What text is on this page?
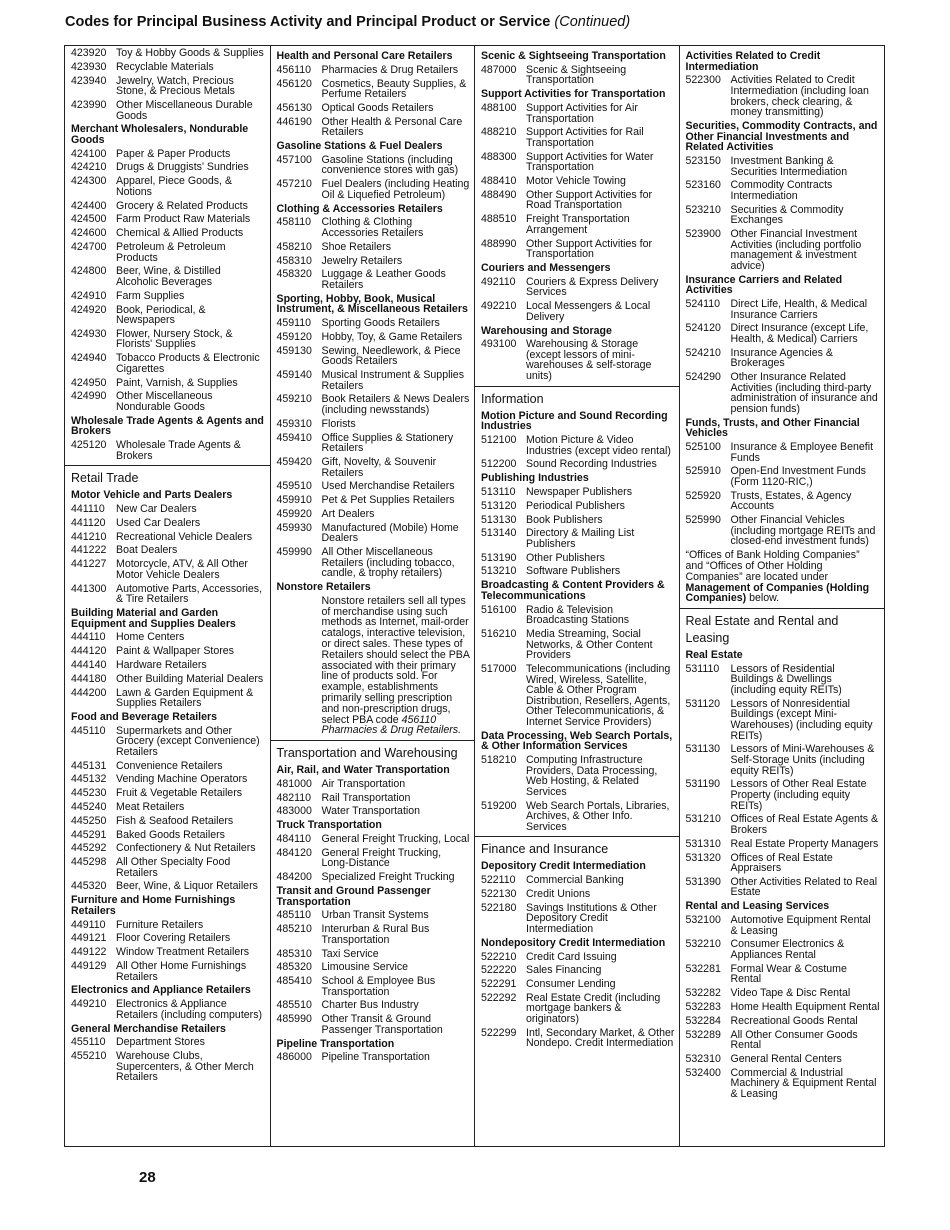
Codes for Principal Business Activity and Principal Product or Service (Continued)
423920 Toy & Hobby Goods & Supplies
423930 Recyclable Materials
423940 Jewelry, Watch, Precious Stone, & Precious Metals
423990 Other Miscellaneous Durable Goods
Merchant Wholesalers, Nondurable Goods
424100 Paper & Paper Products
424210 Drugs & Druggists' Sundries
424300 Apparel, Piece Goods, & Notions
424400 Grocery & Related Products
424500 Farm Product Raw Materials
424600 Chemical & Allied Products
424700 Petroleum & Petroleum Products
424800 Beer, Wine, & Distilled Alcoholic Beverages
424910 Farm Supplies
424920 Book, Periodical, & Newspapers
424930 Flower, Nursery Stock, & Florists' Supplies
424940 Tobacco Products & Electronic Cigarettes
424950 Paint, Varnish, & Supplies
424990 Other Miscellaneous Nondurable Goods
Wholesale Trade Agents & Agents and Brokers
425120 Wholesale Trade Agents & Brokers
Retail Trade
Motor Vehicle and Parts Dealers
441110	New Car Dealers
441120 Used Car Dealers
441210 Recreational Vehicle Dealers
441222 Boat Dealers
441227 Motorcycle, ATV, & All Other Motor Vehicle Dealers
441300 Automotive Parts, Accessories, & Tire Retailers
Building Material and Garden Equipment and Supplies Dealers
444110 Home Centers
444120 Paint & Wallpaper Stores
444140 Hardware Retailers
444180 Other Building Material Dealers
444200 Lawn & Garden Equipment & Supplies Retailers
Food and Beverage Retailers
445110 Supermarkets and Other Grocery (except Convenience) Retailers
445131 Convenience Retailers
445132 Vending Machine Operators
445230 Fruit & Vegetable Retailers
445240 Meat Retailers
445250 Fish & Seafood Retailers
445291 Baked Goods Retailers
445292 Confectionery & Nut Retailers
445298 All Other Specialty Food Retailers
445320 Beer, Wine, & Liquor Retailers
Furniture and Home Furnishings Retailers
449110 Furniture Retailers
449121 Floor Covering Retailers
449122 Window Treatment Retailers
449129 All Other Home Furnishings Retailers
Electronics and Appliance Retailers
449210 Electronics & Appliance Retailers (including computers)
General Merchandise Retailers
455110 Department Stores
455210 Warehouse Clubs, Supercenters, & Other Merch Retailers
Health and Personal Care Retailers
456110 Pharmacies & Drug Retailers
456120 Cosmetics, Beauty Supplies, & Perfume Retailers
456130 Optical Goods Retailers
446190 Other Health & Personal Care Retailers
Gasoline Stations & Fuel Dealers
457100 Gasoline Stations (including convenience stores with gas)
457210 Fuel Dealers (including Heating Oil & Liquefied Petroleum)
Clothing & Accessories Retailers
458110 Clothing & Clothing Accessories Retailers
458210 Shoe Retailers
458310 Jewelry Retailers
458320 Luggage & Leather Goods Retailers
Sporting, Hobby, Book, Musical Instrument, & Miscellaneous Retailers
459110 Sporting Goods Retailers
459120 Hobby, Toy, & Game Retailers
459130 Sewing, Needlework, & Piece Goods Retailers
459140 Musical Instrument & Supplies Retailers
459210 Book Retailers & News Dealers (including newsstands)
459310 Florists
459410 Office Supplies & Stationery Retailers
459420 Gift, Novelty, & Souvenir Retailers
459510 Used Merchandise Retailers
459910 Pet & Pet Supplies Retailers
459920 Art Dealers
459930 Manufactured (Mobile) Home Dealers
459990 All Other Miscellaneous Retailers (including tobacco, candle, & trophy retailers)
Nonstore Retailers
Nonstore retailers sell all types of merchandise using such methods as Internet, mail-order catalogs, interactive television, or direct sales. These types of Retailers should select the PBA associated with their primary line of products sold. For example, establishments primarily selling prescription and non-prescription drugs, select PBA code 456110 Pharmacies & Drug Retailers.
Transportation and Warehousing
Air, Rail, and Water Transportation
481000 Air Transportation
482110 Rail Transportation
483000 Water Transportation
Truck Transportation
484110 General Freight Trucking, Local
484120 General Freight Trucking, Long-Distance
484200 Specialized Freight Trucking
Transit and Ground Passenger Transportation
485110 Urban Transit Systems
485210 Interurban & Rural Bus Transportation
485310 Taxi Service
485320 Limousine Service
485410 School & Employee Bus Transportation
485510 Charter Bus Industry
485990 Other Transit & Ground Passenger Transportation
Pipeline Transportation
486000 Pipeline Transportation
Scenic & Sightseeing Transportation
487000 Scenic & Sightseeing Transportation
Support Activities for Transportation
488100 Support Activities for Air Transportation
488210 Support Activities for Rail Transportation
488300 Support Activities for Water Transportation
488410 Motor Vehicle Towing
488490 Other Support Activities for Road Transportation
488510 Freight Transportation Arrangement
488990 Other Support Activities for Transportation
Couriers and Messengers
492110 Couriers & Express Delivery Services
492210 Local Messengers & Local Delivery
Warehousing and Storage
493100 Warehousing & Storage (except lessors of mini-warehouses & self-storage units)
Information
Motion Picture and Sound Recording Industries
512100 Motion Picture & Video Industries (except video rental)
512200 Sound Recording Industries
Publishing Industries
513110 Newspaper Publishers
513120 Periodical Publishers
513130 Book Publishers
513140 Directory & Mailing List Publishers
513190 Other Publishers
513210 Software Publishers
Broadcasting & Content Providers & Telecommunications
516100 Radio & Television Broadcasting Stations
516210 Media Streaming, Social Networks, & Other Content Providers
517000 Telecommunications (including Wired, Wireless, Satellite, Cable & Other Program Distribution, Resellers, Agents, Other Telecommunications, & Internet Service Providers)
Data Processing, Web Search Portals, & Other Information Services
518210 Computing Infrastructure Providers, Data Processing, Web Hosting, & Related Services
519200 Web Search Portals, Libraries, Archives, & Other Info. Services
Finance and Insurance
Depository Credit Intermediation
522110 Commercial Banking
522130 Credit Unions
522180 Savings Institutions & Other Depository Credit Intermediation
Nondepository Credit Intermediation
522210 Credit Card Issuing
522220 Sales Financing
522291 Consumer Lending
522292 Real Estate Credit (including mortgage bankers & originators)
522299 Intl, Secondary Market, & Other Nondepo. Credit Intermediation
Activities Related to Credit Intermediation
522300 Activities Related to Credit Intermediation (including loan brokers, check clearing, & money transmitting)
Securities, Commodity Contracts, and Other Financial Investments and Related Activities
523150 Investment Banking & Securities Intermediation
523160 Commodity Contracts Intermediation
523210 Securities & Commodity Exchanges
523900 Other Financial Investment Activities (including portfolio management & investment advice)
Insurance Carriers and Related Activities
524110 Direct Life, Health, & Medical Insurance Carriers
524120 Direct Insurance (except Life, Health, & Medical) Carriers
524210 Insurance Agencies & Brokerages
524290 Other Insurance Related Activities (including third-party administration of insurance and pension funds)
Funds, Trusts, and Other Financial Vehicles
525100 Insurance & Employee Benefit Funds
525910 Open-End Investment Funds (Form 1120-RIC,)
525920 Trusts, Estates, & Agency Accounts
525990 Other Financial Vehicles (including mortgage REITs and closed-end investment funds)
“Offices of Bank Holding Companies” and “Offices of Other Holding Companies” are located under Management of Companies (Holding Companies) below.
Real Estate and Rental and Leasing
Real Estate
531110	Lessors of Residential Buildings & Dwellings (including equity REITs)
531120 Lessors of Nonresidential Buildings (except Mini-Warehouses) (including equity REITs)
531130 Lessors of Mini-Warehouses & Self-Storage Units (including equity REITs)
531190 Lessors of Other Real Estate Property (including equity REITs)
531210 Offices of Real Estate Agents & Brokers
531310 Real Estate Property Managers
531320 Offices of Real Estate Appraisers
531390 Other Activities Related to Real Estate
Rental and Leasing Services
532100 Automotive Equipment Rental & Leasing
532210 Consumer Electronics & Appliances Rental
532281 Formal Wear & Costume Rental
532282 Video Tape & Disc Rental
532283 Home Health Equipment Rental
532284 Recreational Goods Rental
532289 All Other Consumer Goods Rental
532310 General Rental Centers
532400 Commercial & Industrial Machinery & Equipment Rental & Leasing
28
